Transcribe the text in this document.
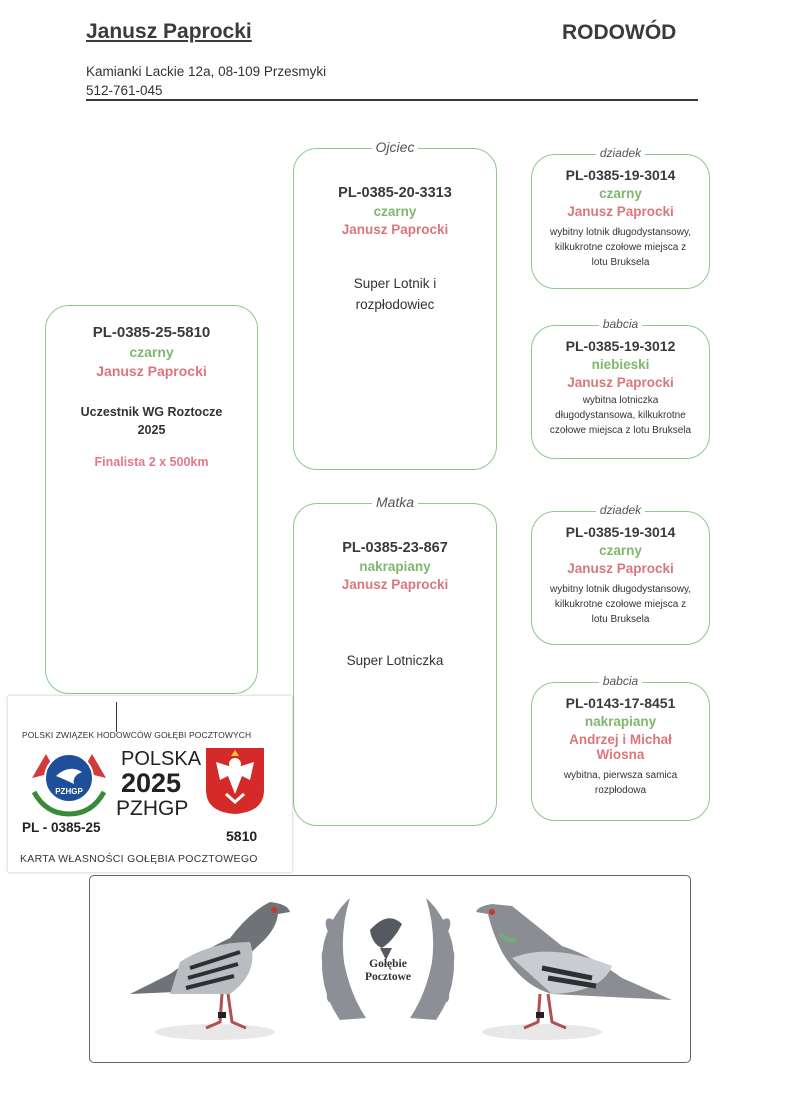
Janusz Paprocki	RODOWÓD
Kamianki Lackie 12a, 08-109 Przesmyki
512-761-045
PL-0385-25-5810
czarny
Janusz Paprocki
Uczestnik WG Roztocze
2025
Finalista 2 x 500km
Ojciec
PL-0385-20-3313
czarny
Janusz Paprocki
Super Lotnik i
rozpłodowiec
Matka
PL-0385-23-867
nakrapiany
Janusz Paprocki
Super Lotniczka
dziadek
PL-0385-19-3014
czarny
Janusz Paprocki
wybitny lotnik długodystansowy,
kilkukrotne czołowe miejsca z
lotu Bruksela
babcia
PL-0385-19-3012
niebieski
Janusz Paprocki
wybitna lotniczka
długodystansowa, kilkukrotne
czołowe miejsca z lotu Bruksela
dziadek
PL-0385-19-3014
czarny
Janusz Paprocki
wybitny lotnik długodystansowy,
kilkukrotne czołowe miejsca z
lotu Bruksela
babcia
PL-0143-17-8451
nakrapiany
Andrzej i Michał
Wiosna
wybitna, pierwsza samica
rozpłodowa
POLSKI ZWIĄZEK HODOWCÓW GOŁĘBI POCZTOWYCH
PZHGP
POLSKA
2025
PZHGP
PL - 0385-25
5810
KARTA WŁASNOŚCI GOŁĘBIA POCZTOWEGO
Gołębie
Pocztowe
